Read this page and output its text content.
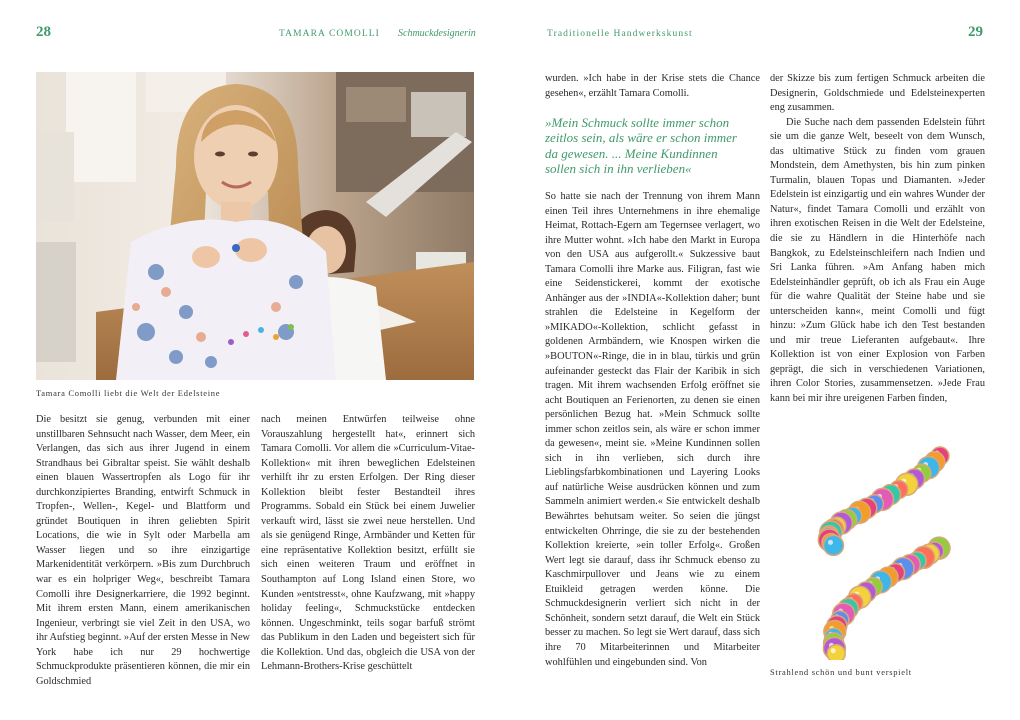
28	TAMARA COMOLLI Schmuckdesignerin	Traditionelle Handwerkskunst	29
Tamara Comolli liebt die Welt der Edelsteine

Die besitzt sie genug, verbunden mit einer unstillbaren Sehnsucht nach Wasser, dem Meer, ein Verlangen, das sich aus ihrer Jugend in einem Strandhaus bei Gibraltar speist. Sie wählt deshalb einen blauen Wassertropfen als Logo für ihr durchkonzipiertes Branding, entwirft Schmuck in Tropfen-, Wellen-, Kegel- und Blattform und gründet Boutiquen in ihren geliebten Spirit Locations, die wie in Sylt oder Marbella am Wasser liegen und so ihre einzigartige Markenidentität verkörpern. »Bis zum Durchbruch war es ein holpriger Weg«, beschreibt Tamara Comolli ihre Designerkarriere, die 1992 beginnt. Mit ihrem ersten Mann, einem amerikanischen Ingenieur, verbringt sie viel Zeit in den USA, wo ihr Aufstieg beginnt. »Auf der ersten Messe in New York habe ich nur 29 hochwertige Schmuckprodukte präsentieren können, die mir ein Goldschmied

nach meinen Entwürfen teilweise ohne Vorauszahlung hergestellt hat«, erinnert sich Tamara Comolli. Vor allem die »Curriculum-Vitae-Kollektion« mit ihren beweglichen Edelsteinen verhilft ihr zu ersten Erfolgen. Der Ring dieser Kollektion bleibt fester Bestandteil ihres Programms. Sobald ein Stück bei einem Juwelier verkauft wird, lässt sie zwei neue herstellen. Und als sie genügend Ringe, Armbänder und Ketten für eine repräsentative Kollektion besitzt, erfüllt sie sich einen weiteren Traum und eröffnet in Southampton auf Long Island einen Store, wo Kunden »entstresst«, ohne Kaufzwang, mit »happy holiday feeling«, Schmuckstücke entdecken können. Ungeschminkt, teils sogar barfuß strömt das Publikum in den Laden und begeistert sich für die Kollektion. Und das, obgleich die USA von der Lehmann-Brothers-Krise geschüttelt

wurden. »Ich habe in der Krise stets die Chance gesehen«, erzählt Tamara Comolli.

»Mein Schmuck sollte immer schon zeitlos sein, als wäre er schon immer da gewesen. ... Meine Kundinnen sollen sich in ihn verlieben«

So hatte sie nach der Trennung von ihrem Mann einen Teil ihres Unternehmens in ihre ehemalige Heimat, Rottach-Egern am Tegernsee verlagert, wo ihre Mutter wohnt. »Ich habe den Markt in Europa von den USA aus aufgerollt.« Sukzessive baut Tamara Comolli ihre Marke aus. Filigran, fast wie eine Seidenstickerei, kommt der exotische Anhänger aus der »INDIA«-Kollektion daher; bunt strahlen die Edelsteine in Kegelform der »MIKADO«-Kollektion, schlicht gefasst in goldenen Armbändern, wie Knospen wirken die »BOUTON«-Ringe, die in in blau, türkis und grün aufeinander gesteckt das Flair der Karibik in sich tragen. Mit ihrem wachsenden Erfolg eröffnet sie acht Boutiquen an Ferienorten, zu denen sie einen persönlichen Bezug hat. »Mein Schmuck sollte immer schon zeitlos sein, als wäre er schon immer da gewesen«, meint sie. »Meine Kundinnen sollen sich in ihn verlieben, sich durch ihre Lieblingsfarbkombinationen und Layering Looks auf natürliche Weise ausdrücken können und zum Sammeln animiert werden.« Sie entwickelt deshalb Bewährtes behutsam weiter. So seien die jüngst entwickelten Ohrringe, die sie zu der bestehenden Kollektion kreierte, »ein toller Erfolg«. Großen Wert legt sie darauf, dass ihr Schmuck ebenso zu Kaschmirpullover und Jeans wie zu einem Etuikleid getragen werden könne. Die Schmuckdesignerin verliert sich nicht in der Schönheit, sondern setzt darauf, die Welt ein Stück besser zu machen. So legt sie Wert darauf, dass sich ihre 70 Mitarbeiterinnen und Mitarbeiter wohlfühlen und eingebunden sind. Von

der Skizze bis zum fertigen Schmuck arbeiten die Designerin, Goldschmiede und Edelsteinexperten eng zusammen.

Die Suche nach dem passenden Edelstein führt sie um die ganze Welt, beseelt von dem Wunsch, das ultimative Stück zu finden vom grauen Mondstein, dem Amethysten, bis hin zum pinken Turmalin, blauen Topas und Diamanten. »Jeder Edelstein ist einzigartig und ein wahres Wunder der Natur«, findet Tamara Comolli und erzählt von ihren exotischen Reisen in die Welt der Edelsteine, die sie zu Händlern in die Hinterhöfe nach Bangkok, zu Edelsteinschleifern nach Indien und Sri Lanka führen. »Am Anfang haben mich Edelsteinhändler geprüft, ob ich als Frau ein Auge für die wahre Qualität der Steine habe und sie unterscheiden kann«, meint Comolli und fügt hinzu: »Zum Glück habe ich den Test bestanden und mir treue Lieferanten aufgebaut«. Ihre Kollektion ist von einer Explosion von Farben geprägt, die sich in verschiedenen Variationen, ihren Color Stories, zusammensetzen. »Jede Frau kann bei mir ihre ureigenen Farben finden,

Strahlend schön und bunt verspielt
